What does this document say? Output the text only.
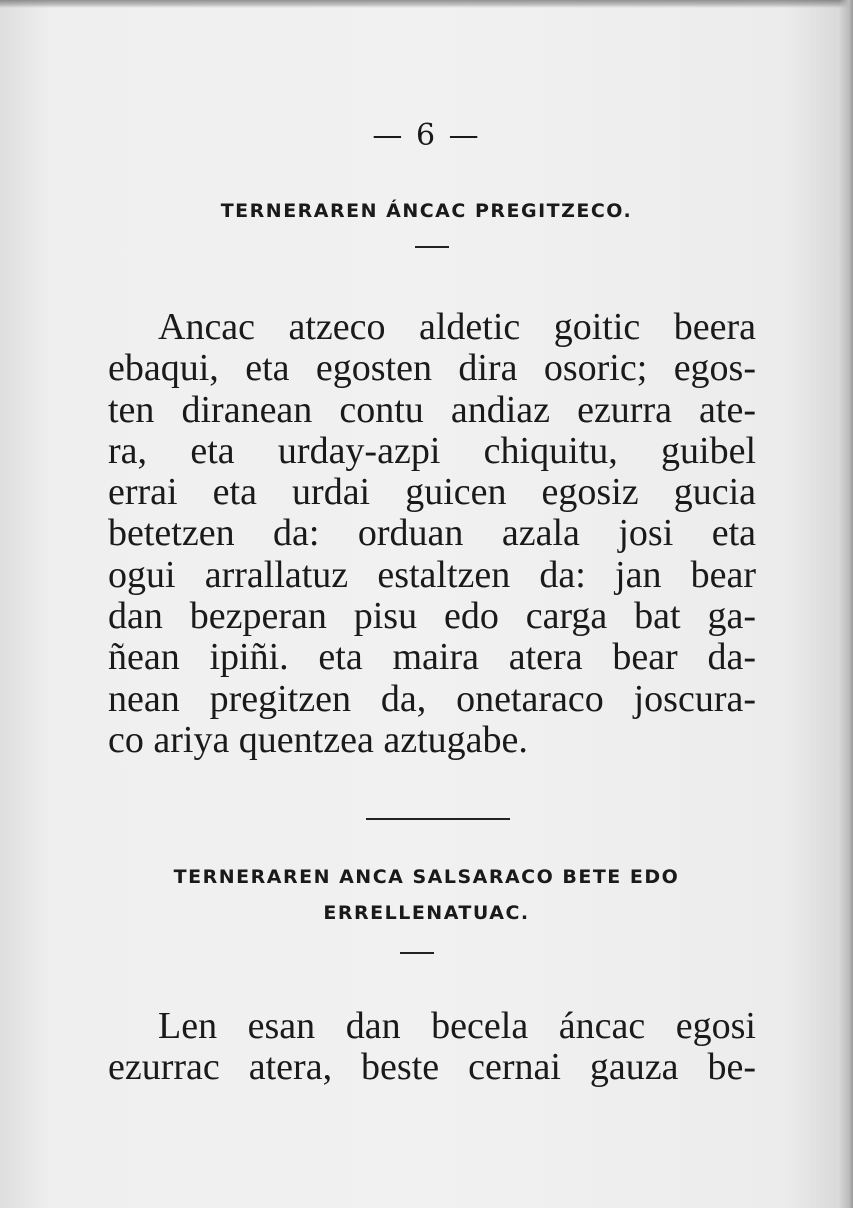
— 6 —
TERNERAREN ÁNCAC PREGITZECO.
Ancac atzeco aldetic goitic beera
ebaqui, eta egosten dira osoric; egos-
ten diranean contu andiaz ezurra ate-
ra, eta urday-azpi chiquitu, guibel
errai eta urdai guicen egosiz gucia
betetzen da: orduan azala josi eta
ogui arrallatuz estaltzen da: jan bear
dan bezperan pisu edo carga bat ga-
ñean ipiñi. eta maira atera bear da-
nean pregitzen da, onetaraco joscura-
co ariya quentzea aztugabe.
TERNERAREN ANCA SALSARACO BETE EDO
ERRELLENATUAC.
Len esan dan becela áncac egosi
ezurrac atera, beste cernai gauza be-
